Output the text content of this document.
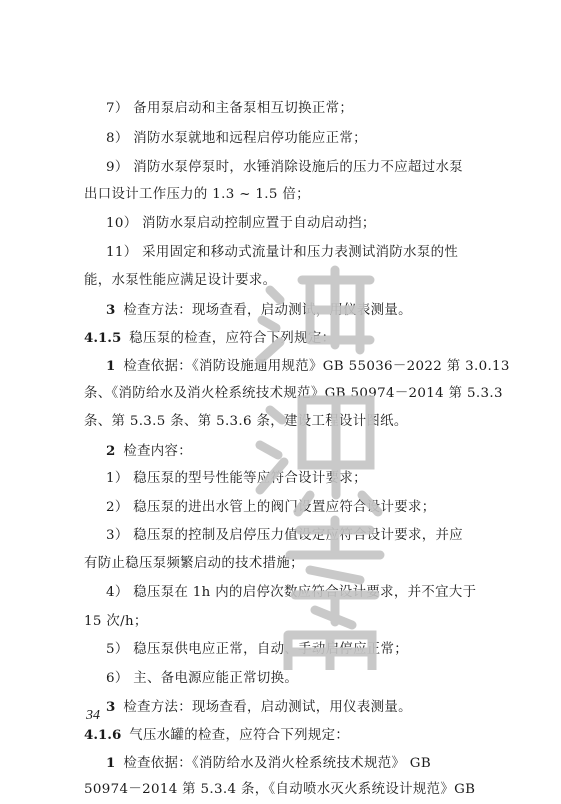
7） 备用泵启动和主备泵相互切换正常；
8） 消防水泵就地和远程启停功能应正常；
9） 消防水泵停泵时，水锤消除设施后的压力不应超过水泵
出口设计工作压力的 1.3 ~ 1.5 倍；
10） 消防水泵启动控制应置于自动启动挡；
11） 采用固定和移动式流量计和压力表测试消防水泵的性
能，水泵性能应满足设计要求。
3 检查方法：现场查看，启动测试，用仪表测量。
4.1.5 稳压泵的检查，应符合下列规定：
1 检查依据：《消防设施通用规范》GB 55036－2022 第 3.0.13
条、《消防给水及消火栓系统技术规范》GB 50974－2014 第 5.3.3
条、第 5.3.5 条、第 5.3.6 条，建设工程设计图纸。
2 检查内容：
1） 稳压泵的型号性能等应符合设计要求；
2） 稳压泵的进出水管上的阀门设置应符合设计要求；
3） 稳压泵的控制及启停压力值设定应符合设计要求，并应
有防止稳压泵频繁启动的技术措施；
4） 稳压泵在 1h 内的启停次数应符合设计要求，并不宜大于
15 次/h；
5） 稳压泵供电应正常，自动、手动启停应正常；
6） 主、备电源应能正常切换。
3 检查方法：现场查看，启动测试，用仪表测量。
4.1.6 气压水罐的检查，应符合下列规定：
1 检查依据：《消防给水及消火栓系统技术规范》 GB
50974－2014 第 5.3.4 条，《自动喷水灭火系统设计规范》GB
34
